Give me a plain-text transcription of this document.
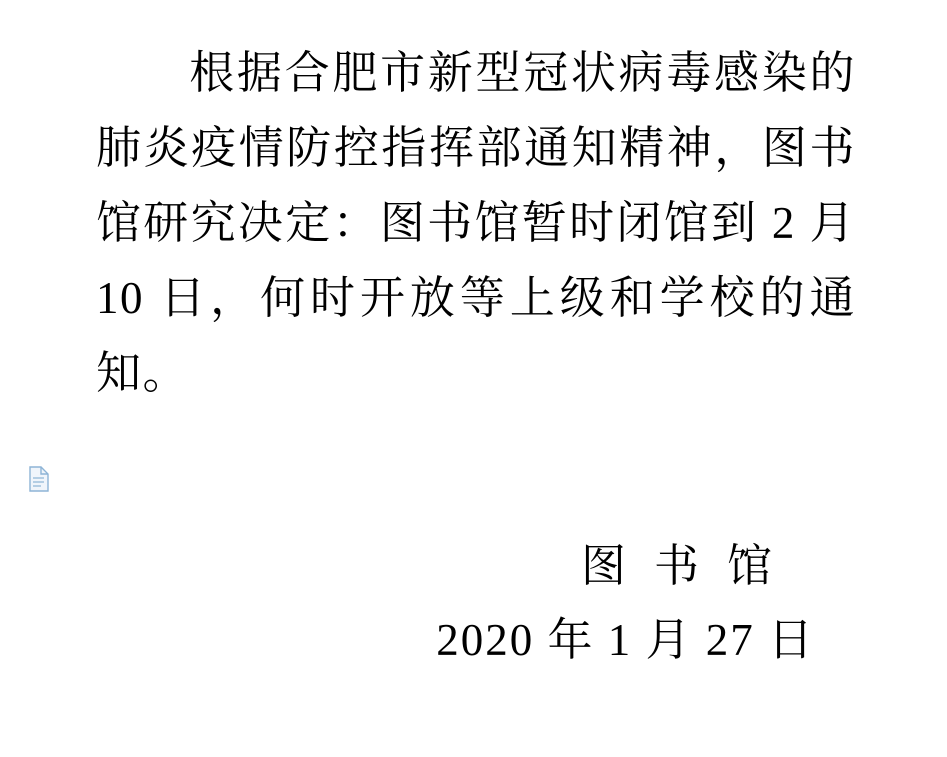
根据合肥市新型冠状病毒感染的肺炎疫情防控指挥部通知精神，图书馆研究决定：图书馆暂时闭馆到 2 月 10 日，何时开放等上级和学校的通知。
图书馆
2020 年 1 月 27 日
